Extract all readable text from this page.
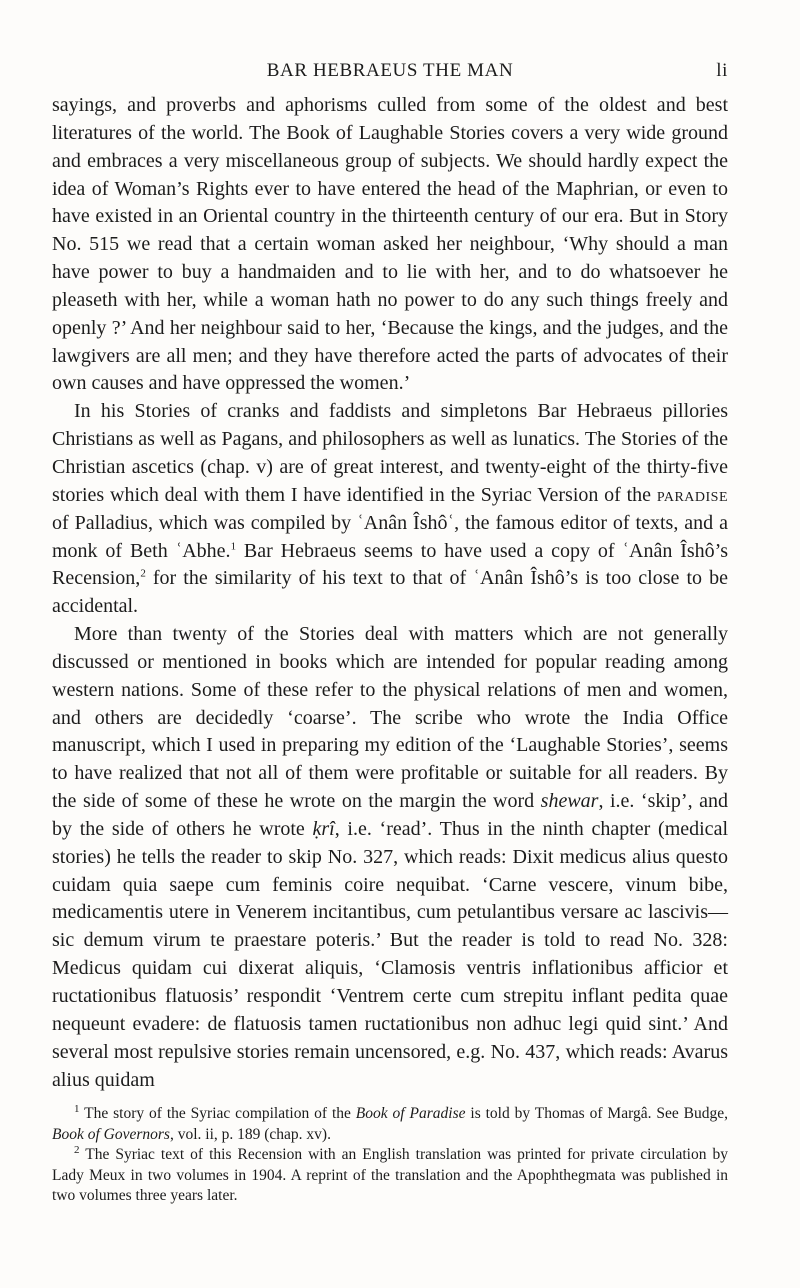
BAR HEBRAEUS THE MAN	li

sayings, and proverbs and aphorisms culled from some of the oldest and best literatures of the world. The Book of Laughable Stories covers a very wide ground and embraces a very miscellaneous group of subjects. We should hardly expect the idea of Woman’s Rights ever to have entered the head of the Maphrian, or even to have existed in an Oriental country in the thirteenth century of our era. But in Story No. 515 we read that a certain woman asked her neighbour, ‘Why should a man have power to buy a handmaiden and to lie with her, and to do whatsoever he pleaseth with her, while a woman hath no power to do any such things freely and openly ?’ And her neighbour said to her, ‘Because the kings, and the judges, and the lawgivers are all men; and they have therefore acted the parts of advocates of their own causes and have oppressed the women.’

In his Stories of cranks and faddists and simpletons Bar Hebraeus pillories Christians as well as Pagans, and philosophers as well as lunatics. The Stories of the Christian ascetics (chap. v) are of great interest, and twenty-eight of the thirty-five stories which deal with them I have identified in the Syriac Version of the paradise of Palladius, which was compiled by ʿAnân Îshôʿ, the famous editor of texts, and a monk of Beth ʿAbhe.$^1$ Bar Hebraeus seems to have used a copy of ʿAnân Îshô’s Recension,$^2$ for the similarity of his text to that of ʿAnân Îshô’s is too close to be accidental.

More than twenty of the Stories deal with matters which are not generally discussed or mentioned in books which are intended for popular reading among western nations. Some of these refer to the physical relations of men and women, and others are decidedly ‘coarse’. The scribe who wrote the India Office manuscript, which I used in preparing my edition of the ‘Laughable Stories’, seems to have realized that not all of them were profitable or suitable for all readers. By the side of some of these he wrote on the margin the word shewar, i.e. ‘skip’, and by the side of others he wrote ḳrî, i.e. ‘read’. Thus in the ninth chapter (medical stories) he tells the reader to skip No. 327, which reads: Dixit medicus alius questo cuidam quia saepe cum feminis coire nequibat. ‘Carne vescere, vinum bibe, medicamentis utere in Venerem incitantibus, cum petulantibus versare ac lascivis—sic demum virum te praestare poteris.’ But the reader is told to read No. 328: Medicus quidam cui dixerat aliquis, ‘Clamosis ventris inflationibus afficior et ructationibus flatuosis’ respondit ‘Ventrem certe cum strepitu inflant pedita quae nequeunt evadere: de flatuosis tamen ructationibus non adhuc legi quid sint.’ And several most repulsive stories remain uncensored, e.g. No. 437, which reads: Avarus alius quidam

$^1$ The story of the Syriac compilation of the Book of Paradise is told by Thomas of Margâ. See Budge, Book of Governors, vol. ii, p. 189 (chap. xv).

$^2$ The Syriac text of this Recension with an English translation was printed for private circulation by Lady Meux in two volumes in 1904. A reprint of the translation and the Apophthegmata was published in two volumes three years later.
